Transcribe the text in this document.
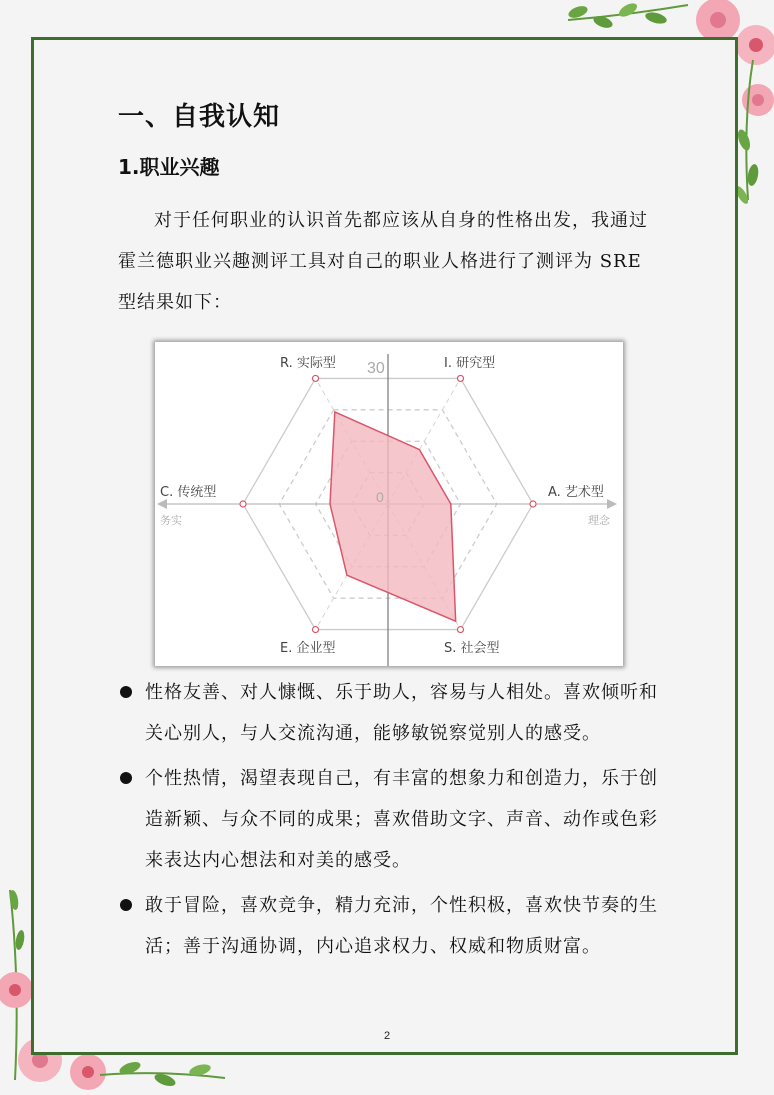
一、自我认知
1.职业兴趣

对于任何职业的认识首先都应该从自身的性格出发，我通过霍兰德职业兴趣测评工具对自己的职业人格进行了测评为 SRE 型结果如下：

30
0
R. 实际型	I. 研究型
A. 艺术型
S. 社会型
E. 企业型
C. 传统型
务实	理念
性格友善、对人慷慨、乐于助人，容易与人相处。喜欢倾听和关心别人，与人交流沟通，能够敏锐察觉别人的感受。
个性热情，渴望表现自己，有丰富的想象力和创造力，乐于创造新颖、与众不同的成果；喜欢借助文字、声音、动作或色彩来表达内心想法和对美的感受。
敢于冒险，喜欢竞争，精力充沛，个性积极，喜欢快节奏的生活；善于沟通协调，内心追求权力、权威和物质财富。
2
